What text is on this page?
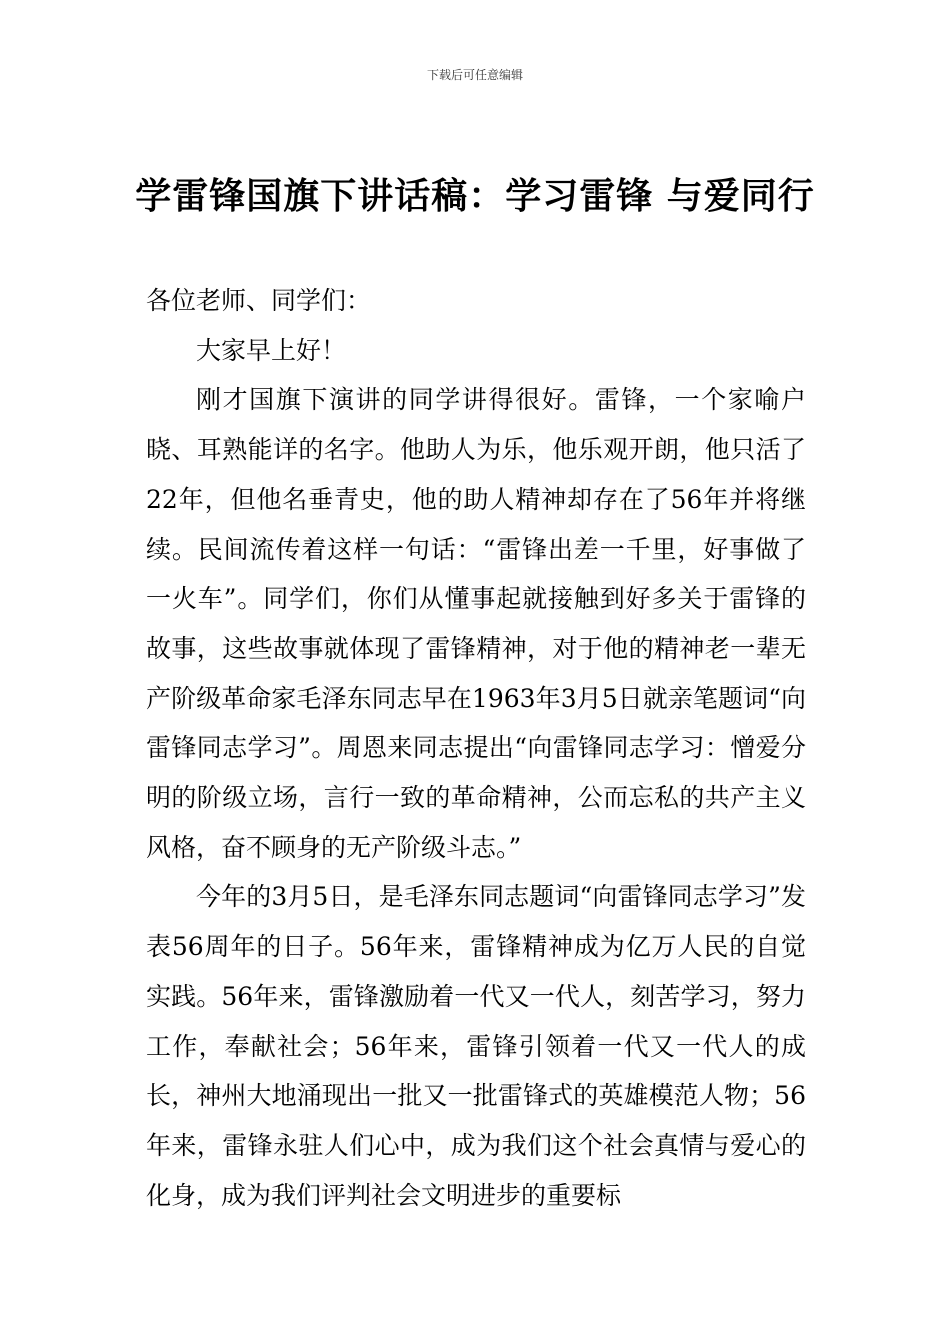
下载后可任意编辑
学雷锋国旗下讲话稿：学习雷锋 与爱同行

各位老师、同学们：

大家早上好！

刚才国旗下演讲的同学讲得很好。雷锋，一个家喻户晓、耳熟能详的名字。他助人为乐，他乐观开朗，他只活了22年，但他名垂青史，他的助人精神却存在了56年并将继续。民间流传着这样一句话：“雷锋出差一千里，好事做了一火车”。同学们，你们从懂事起就接触到好多关于雷锋的故事，这些故事就体现了雷锋精神，对于他的精神老一辈无产阶级革命家毛泽东同志早在1963年3月5日就亲笔题词“向雷锋同志学习”。周恩来同志提出“向雷锋同志学习：憎爱分明的阶级立场，言行一致的革命精神，公而忘私的共产主义风格，奋不顾身的无产阶级斗志。”

今年的3月5日，是毛泽东同志题词“向雷锋同志学习”发表56周年的日子。56年来，雷锋精神成为亿万人民的自觉实践。56年来，雷锋激励着一代又一代人，刻苦学习，努力工作，奉献社会；56年来，雷锋引领着一代又一代人的成长，神州大地涌现出一批又一批雷锋式的英雄模范人物；56年来，雷锋永驻人们心中，成为我们这个社会真情与爱心的化身，成为我们评判社会文明进步的重要标
